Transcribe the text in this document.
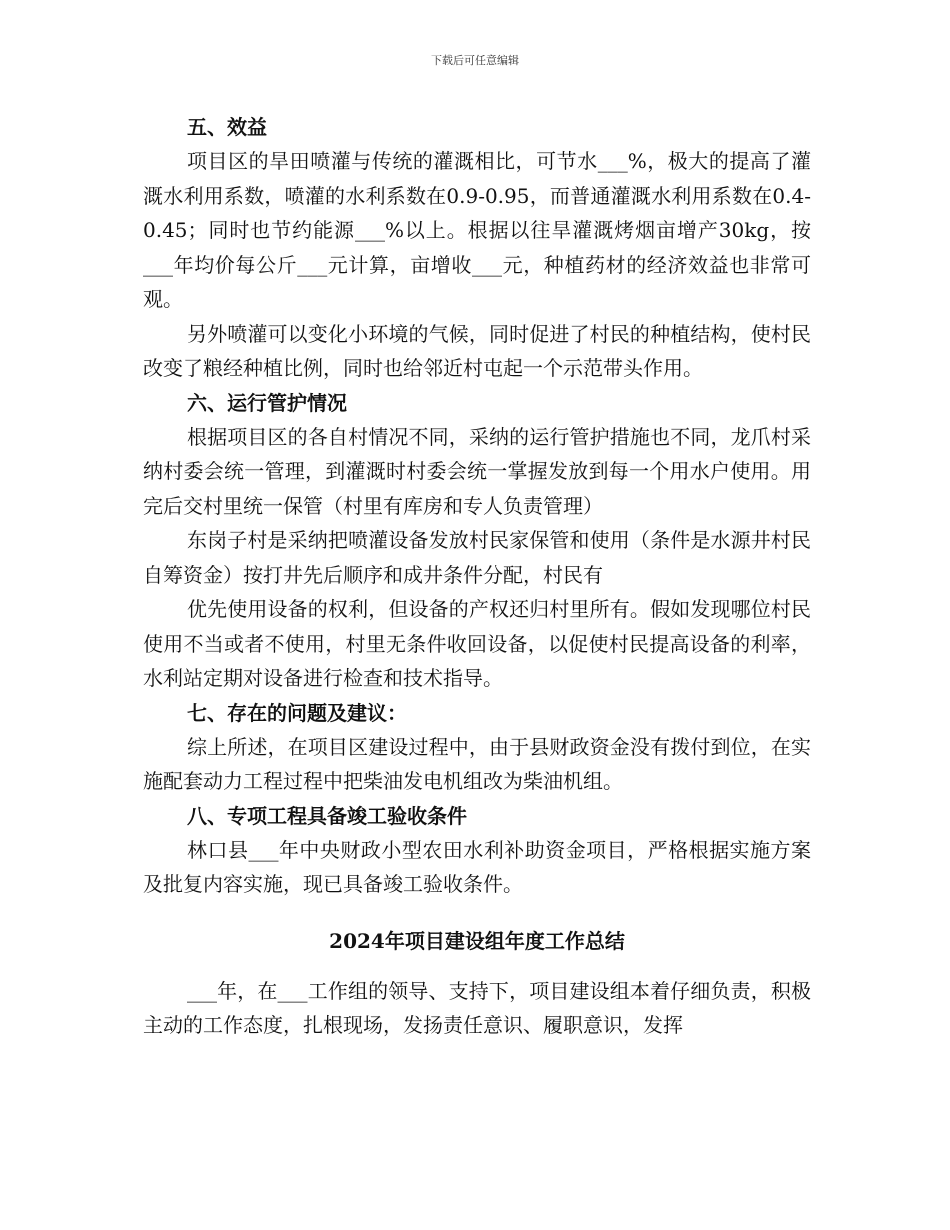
下载后可任意编辑
五、效益

项目区的旱田喷灌与传统的灌溉相比，可节水___%，极大的提高了灌溉水利用系数，喷灌的水利系数在0.9-0.95，而普通灌溉水利用系数在0.4-0.45；同时也节约能源___%以上。根据以往旱灌溉烤烟亩增产30kg，按___年均价每公斤___元计算，亩增收___元，种植药材的经济效益也非常可观。

另外喷灌可以变化小环境的气候，同时促进了村民的种植结构，使村民改变了粮经种植比例，同时也给邻近村屯起一个示范带头作用。

六、运行管护情况

根据项目区的各自村情况不同，采纳的运行管护措施也不同，龙爪村采纳村委会统一管理，到灌溉时村委会统一掌握发放到每一个用水户使用。用完后交村里统一保管（村里有库房和专人负责管理）

东岗子村是采纳把喷灌设备发放村民家保管和使用（条件是水源井村民自筹资金）按打井先后顺序和成井条件分配，村民有

优先使用设备的权利，但设备的产权还归村里所有。假如发现哪位村民使用不当或者不使用，村里无条件收回设备，以促使村民提高设备的利率，水利站定期对设备进行检查和技术指导。

七、存在的问题及建议：

综上所述，在项目区建设过程中，由于县财政资金没有拨付到位，在实施配套动力工程过程中把柴油发电机组改为柴油机组。

八、专项工程具备竣工验收条件

林口县___年中央财政小型农田水利补助资金项目，严格根据实施方案及批复内容实施，现已具备竣工验收条件。

2024年项目建设组年度工作总结

___年，在___工作组的领导、支持下，项目建设组本着仔细负责，积极主动的工作态度，扎根现场，发扬责任意识、履职意识，发挥
